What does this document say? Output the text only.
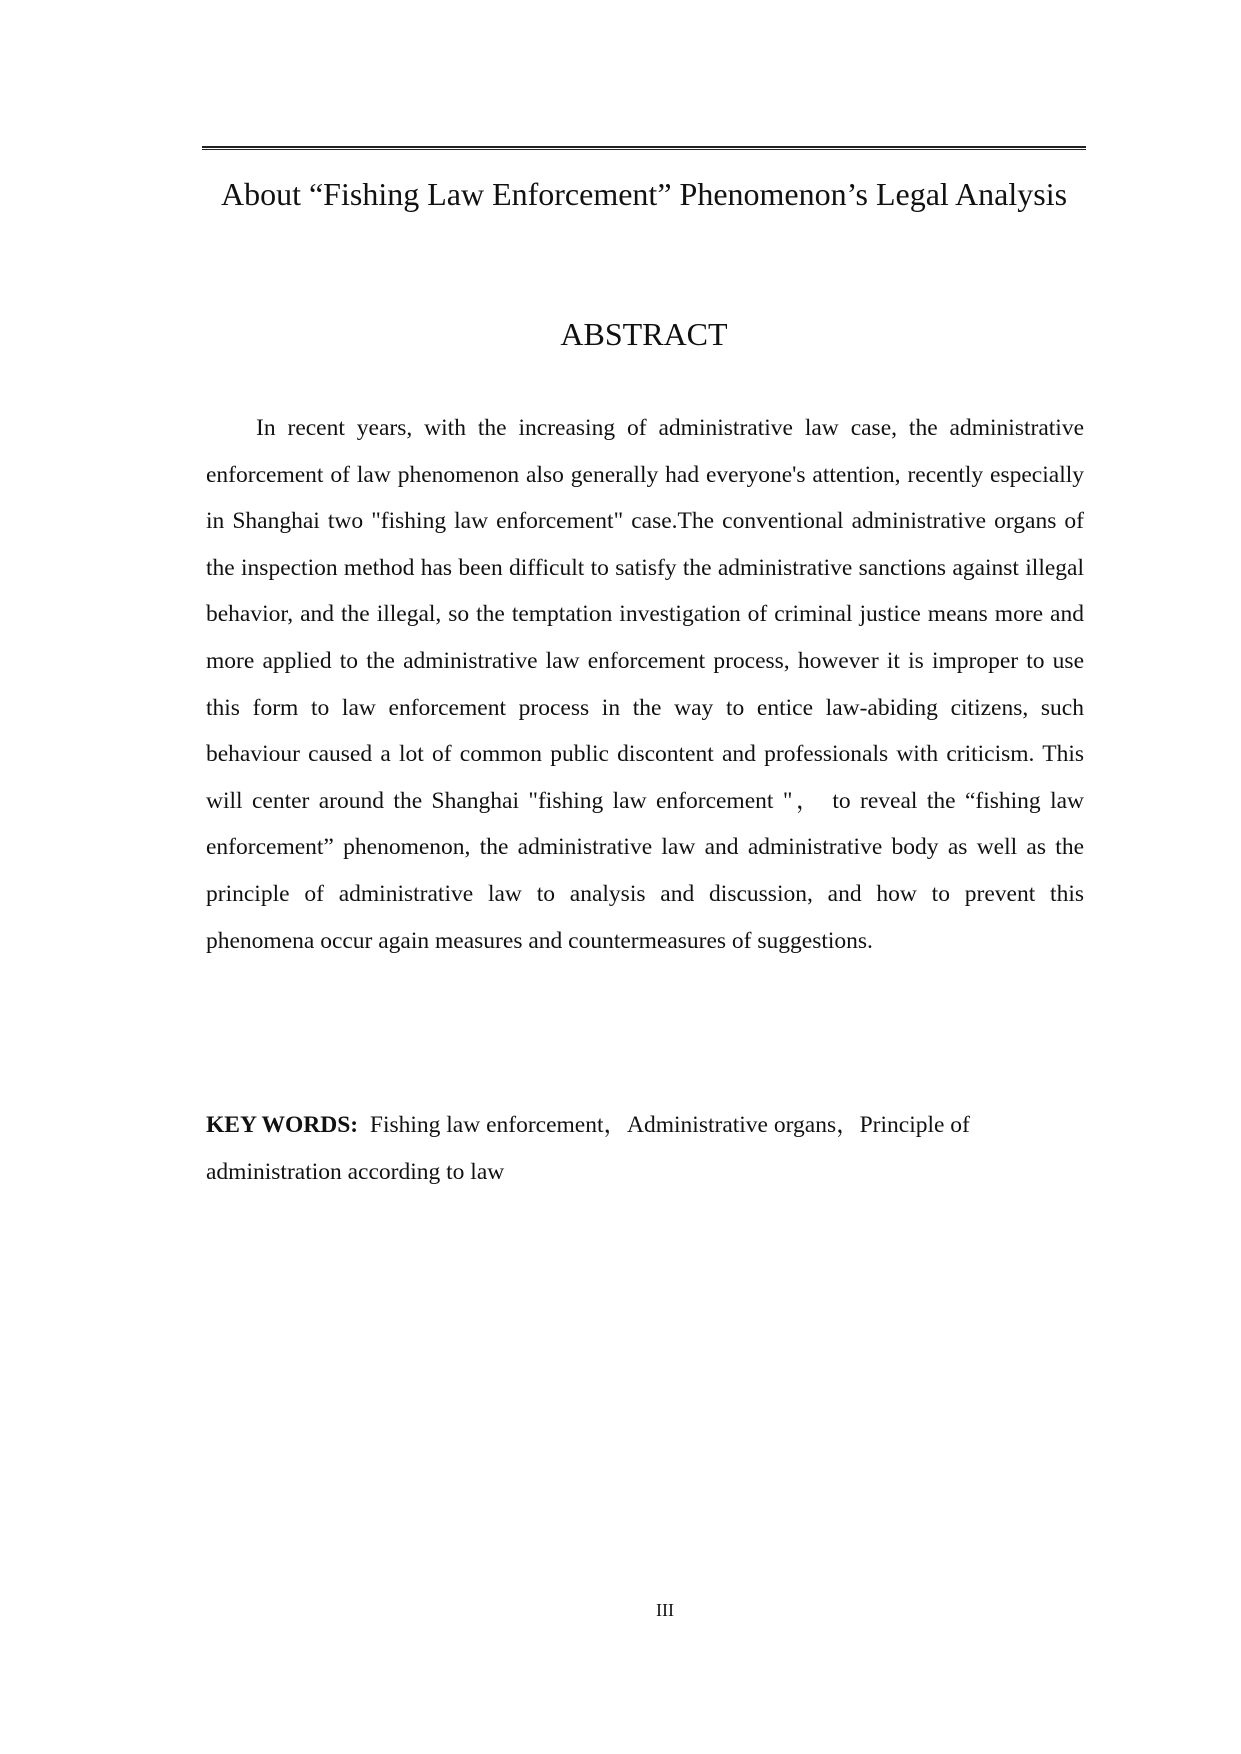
About “Fishing Law Enforcement” Phenomenon’s Legal Analysis
ABSTRACT

In recent years, with the increasing of administrative law case, the administrative enforcement of law phenomenon also generally had everyone's attention, recently especially in Shanghai two "fishing law enforcement" case.The conventional administrative organs of the inspection method has been difficult to satisfy the administrative sanctions against illegal behavior, and the illegal, so the temptation investigation of criminal justice means more and more applied to the administrative law enforcement process, however it is improper to use this form to law enforcement process in the way to entice law-abiding citizens, such behaviour caused a lot of common public discontent and professionals with criticism. This will center around the Shanghai "fishing law enforcement "， to reveal the “fishing law enforcement” phenomenon, the administrative law and administrative body as well as the principle of administrative law to analysis and discussion, and how to prevent this phenomena occur again measures and countermeasures of suggestions.

KEY WORDS: Fishing law enforcement，Administrative organs，Principle of administration according to law

III
